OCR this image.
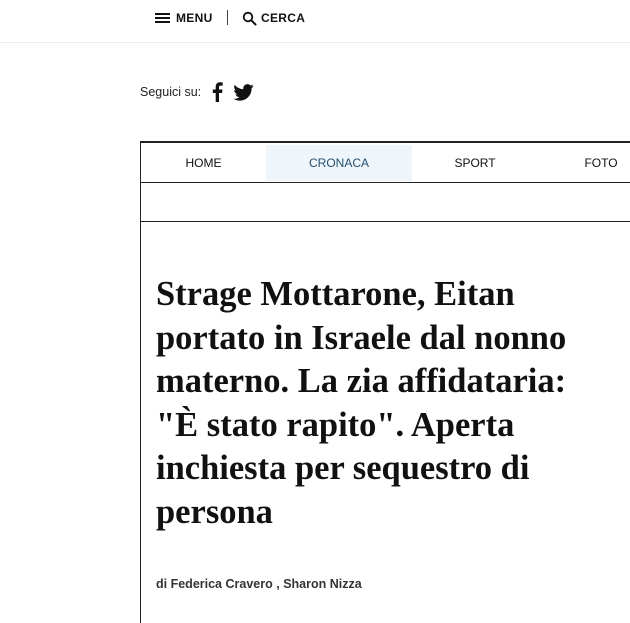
MENU	CERCA
Seguici su:
HOME	CRONACA	SPORT	FOTO
Strage Mottarone, Eitan
portato in Israele dal nonno
materno. La zia affidataria:
"È stato rapito". Aperta
inchiesta per sequestro di
persona
di Federica Cravero , Sharon Nizza
